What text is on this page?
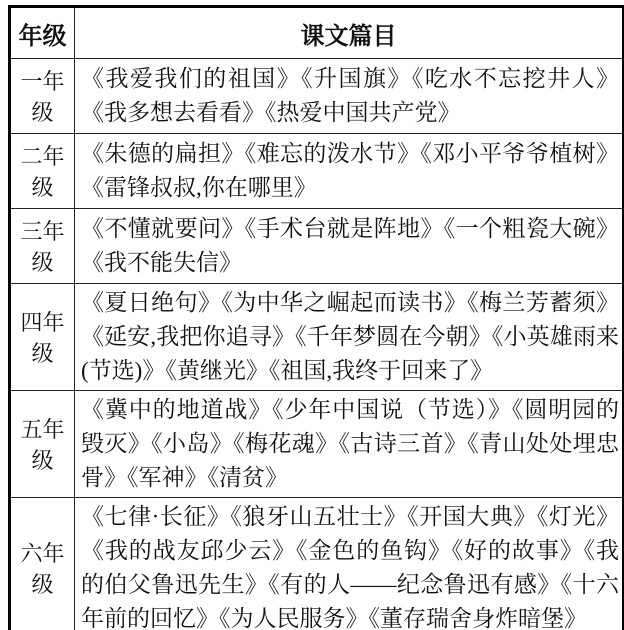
年级	课文篇目
一年级	《我爱我们的祖国》《升国旗》《吃水不忘挖井人》《我多想去看看》《热爱中国共产党》
二年级	《朱德的扁担》《难忘的泼水节》《邓小平爷爷植树》《雷锋叔叔,你在哪里》
三年级	《不懂就要问》《手术台就是阵地》《一个粗瓷大碗》《我不能失信》
四年级	《夏日绝句》《为中华之崛起而读书》《梅兰芳蓄须》《延安,我把你追寻》《千年梦圆在今朝》《小英雄雨来(节选)》《黄继光》《祖国,我终于回来了》
五年级	《冀中的地道战》《少年中国说（节选）》《圆明园的毁灭》《小岛》《梅花魂》《古诗三首》《青山处处埋忠骨》《军神》《清贫》
六年级	《七律·长征》《狼牙山五壮士》《开国大典》《灯光》《我的战友邱少云》《金色的鱼钩》《好的故事》《我的伯父鲁迅先生》《有的人——纪念鲁迅有感》《十六年前的回忆》《为人民服务》《董存瑞舍身炸暗堡》
